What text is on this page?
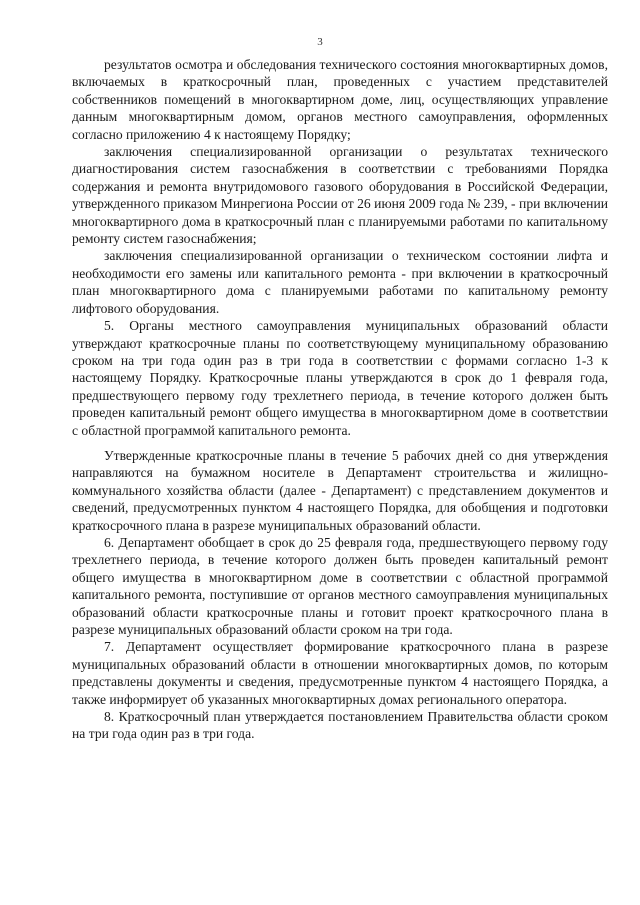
3

результатов осмотра и обследования технического состояния многоквартирных домов, включаемых в краткосрочный план, проведенных с участием представителей собственников помещений в многоквартирном доме, лиц, осуществляющих управление данным многоквартирным домом, органов местного самоуправления, оформленных согласно приложению 4 к настоящему Порядку;

заключения специализированной организации о результатах технического диагностирования систем газоснабжения в соответствии с требованиями Порядка содержания и ремонта внутридомового газового оборудования в Российской Федерации, утвержденного приказом Минрегиона России от 26 июня 2009 года № 239, - при включении многоквартирного дома в краткосрочный план с планируемыми работами по капитальному ремонту систем газоснабжения;

заключения специализированной организации о техническом состоянии лифта и необходимости его замены или капитального ремонта - при включении в краткосрочный план многоквартирного дома с планируемыми работами по капитальному ремонту лифтового оборудования.

5. Органы местного самоуправления муниципальных образований области утверждают краткосрочные планы по соответствующему муниципальному образованию сроком на три года один раз в три года в соответствии с формами согласно 1-3 к настоящему Порядку. Краткосрочные планы утверждаются в срок до 1 февраля года, предшествующего первому году трехлетнего периода, в течение которого должен быть проведен капитальный ремонт общего имущества в многоквартирном доме в соответствии с областной программой капитального ремонта.

Утвержденные краткосрочные планы в течение 5 рабочих дней со дня утверждения направляются на бумажном носителе в Департамент строительства и жилищно-коммунального хозяйства области (далее - Департамент) с представлением документов и сведений, предусмотренных пунктом 4 настоящего Порядка, для обобщения и подготовки краткосрочного плана в разрезе муниципальных образований области.

6. Департамент обобщает в срок до 25 февраля года, предшествующего первому году трехлетнего периода, в течение которого должен быть проведен капитальный ремонт общего имущества в многоквартирном доме в соответствии с областной программой капитального ремонта, поступившие от органов местного самоуправления муниципальных образований области краткосрочные планы и готовит проект краткосрочного плана в разрезе муниципальных образований области сроком на три года.

7. Департамент осуществляет формирование краткосрочного плана в разрезе муниципальных образований области в отношении многоквартирных домов, по которым представлены документы и сведения, предусмотренные пунктом 4 настоящего Порядка, а также информирует об указанных многоквартирных домах регионального оператора.

8. Краткосрочный план утверждается постановлением Правительства области сроком на три года один раз в три года.
